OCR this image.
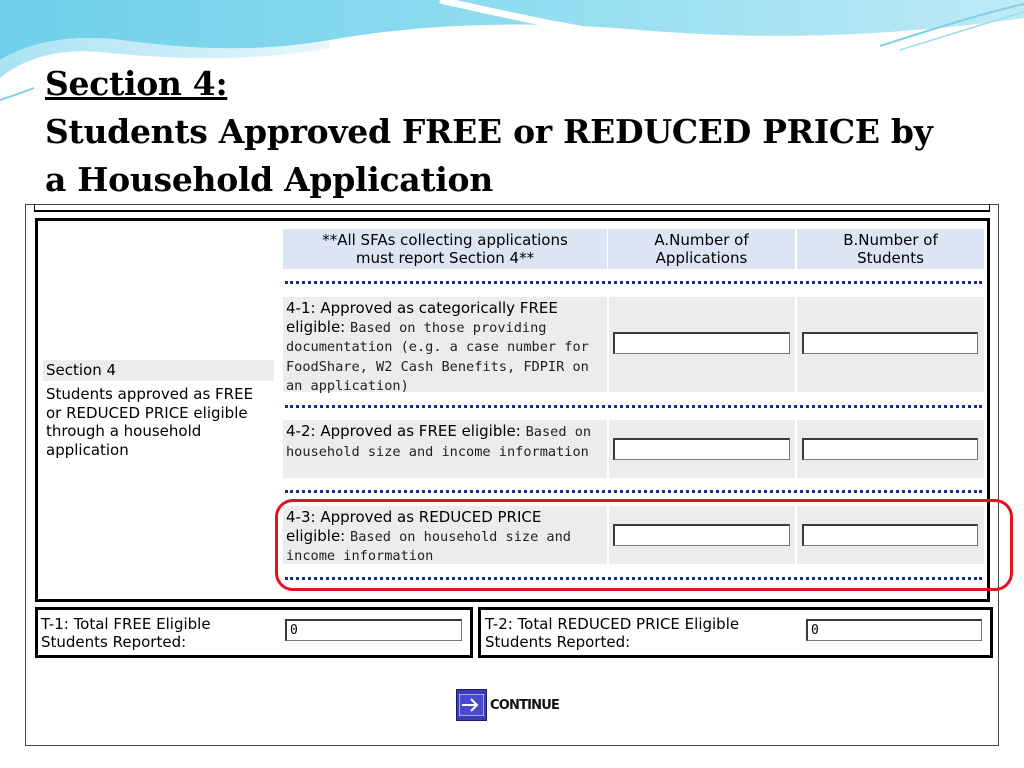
Section 4:
Students Approved FREE or REDUCED PRICE by
a Household Application
Section 4
Students approved as FREE or REDUCED PRICE eligible through a household application
**All SFAs collecting applications must report Section 4**
A.Number of Applications
B.Number of Students
4-1: Approved as categorically FREE eligible: Based on those providing documentation (e.g. a case number for FoodShare, W2 Cash Benefits, FDPIR on an application)
4-2: Approved as FREE eligible: Based on household size and income information
4-3: Approved as REDUCED PRICE eligible: Based on household size and income information
T-1: Total FREE Eligible Students Reported:
0
T-2: Total REDUCED PRICE Eligible Students Reported:
0
CONTINUE
